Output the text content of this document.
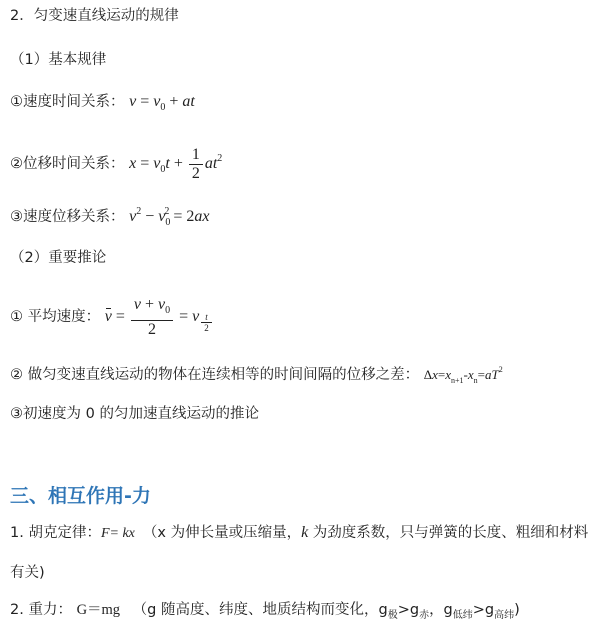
2．匀变速直线运动的规律
（1）基本规律
①速度时间关系： $v = v_0$ + at
②位移时间关系： $x = v_0t + \frac{1}{2} at^2$
③速度位移关系： $v^2 - v_0^2 = 2ax$
（2）重要推论
① 平均速度： $v = \frac{v + v_0}{2} = v \frac{t}{2}$
② 做匀变速直线运动的物体在连续相等的时间间隔的位移之差： $\Delta x=x_{n+1}-x_n=aT^2$
③初速度为 0 的匀加速直线运动的推论
三、相互作用-力
1. 胡克定律：F= kx （x 为伸长量或压缩量，k 为劲度系数，只与弹簧的长度、粗细和材料
有关)
2. 重力： G＝mg （g 随高度、纬度、地质结构而变化，$g_极>g_赤$，$g_{低纬}>g_{高纬}$)
